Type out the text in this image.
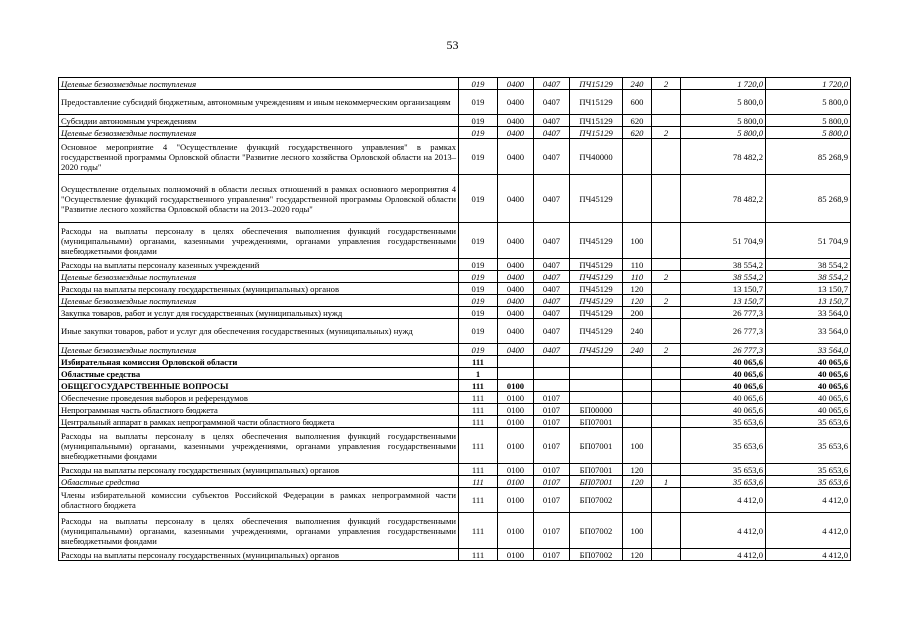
53
Целевые безвозмездные поступления	019	0400	0407	ПЧ15129	240	2	1 720,0	1 720,0
Предоставление субсидий бюджетным, автономным учреждениям и иным некоммерческим организациям	019	0400	0407	ПЧ15129	600		5 800,0	5 800,0
Субсидии автономным учреждениям	019	0400	0407	ПЧ15129	620		5 800,0	5 800,0
Целевые безвозмездные поступления	019	0400	0407	ПЧ15129	620	2	5 800,0	5 800,0
Основное мероприятие 4 "Осуществление функций государственного управления" в рамках государственной программы Орловской области "Развитие лесного хозяйства Орловской области на 2013–2020 годы"	019	0400	0407	ПЧ40000			78 482,2	85 268,9
Осуществление отдельных полномочий в области лесных отношений в рамках основного мероприятия 4 "Осуществление функций государственного управления" государственной программы Орловской области "Развитие лесного хозяйства Орловской области на 2013–2020 годы"	019	0400	0407	ПЧ45129			78 482,2	85 268,9
Расходы на выплаты персоналу в целях обеспечения выполнения функций государственными (муниципальными) органами, казенными учреждениями, органами управления государственными внебюджетными фондами	019	0400	0407	ПЧ45129	100		51 704,9	51 704,9
Расходы на выплаты персоналу казенных учреждений	019	0400	0407	ПЧ45129	110		38 554,2	38 554,2
Целевые безвозмездные поступления	019	0400	0407	ПЧ45129	110	2	38 554,2	38 554,2
Расходы на выплаты персоналу государственных (муниципальных) органов	019	0400	0407	ПЧ45129	120		13 150,7	13 150,7
Целевые безвозмездные поступления	019	0400	0407	ПЧ45129	120	2	13 150,7	13 150,7
Закупка товаров, работ и услуг для государственных (муниципальных) нужд	019	0400	0407	ПЧ45129	200		26 777,3	33 564,0
Иные закупки товаров, работ и услуг для обеспечения государственных (муниципальных) нужд	019	0400	0407	ПЧ45129	240		26 777,3	33 564,0
Целевые безвозмездные поступления	019	0400	0407	ПЧ45129	240	2	26 777,3	33 564,0
Избирательная комиссия Орловской области	111						40 065,6	40 065,6
Областные средства	1						40 065,6	40 065,6
ОБЩЕГОСУДАРСТВЕННЫЕ ВОПРОСЫ	111	0100					40 065,6	40 065,6
Обеспечение проведения выборов и референдумов	111	0100	0107				40 065,6	40 065,6
Непрограммная часть областного бюджета	111	0100	0107	БП00000			40 065,6	40 065,6
Центральный аппарат в рамках непрограммной части областного бюджета	111	0100	0107	БП07001			35 653,6	35 653,6
Расходы на выплаты персоналу в целях обеспечения выполнения функций государственными (муниципальными) органами, казенными учреждениями, органами управления государственными внебюджетными фондами	111	0100	0107	БП07001	100		35 653,6	35 653,6
Расходы на выплаты персоналу государственных (муниципальных) органов	111	0100	0107	БП07001	120		35 653,6	35 653,6
Областные средства	111	0100	0107	БП07001	120	1	35 653,6	35 653,6
Члены избирательной комиссии субъектов Российской Федерации в рамках непрограммной части областного бюджета	111	0100	0107	БП07002			4 412,0	4 412,0
Расходы на выплаты персоналу в целях обеспечения выполнения функций государственными (муниципальными) органами, казенными учреждениями, органами управления государственными внебюджетными фондами	111	0100	0107	БП07002	100		4 412,0	4 412,0
Расходы на выплаты персоналу государственных (муниципальных) органов	111	0100	0107	БП07002	120		4 412,0	4 412,0
